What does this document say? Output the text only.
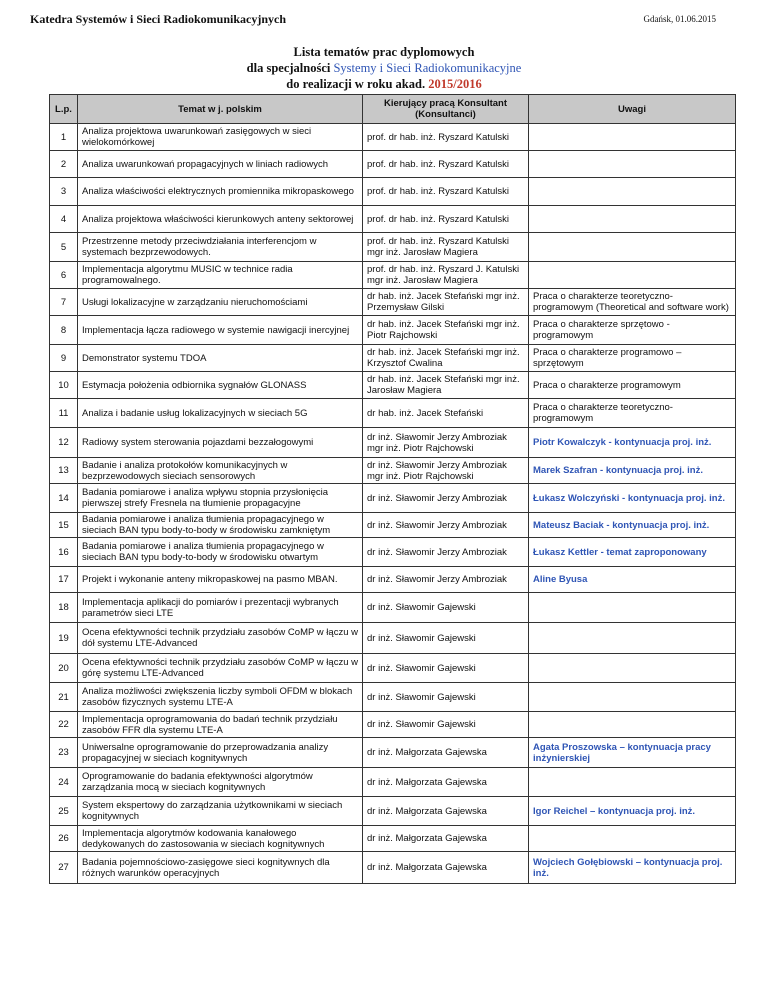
Katedra Systemów i Sieci Radiokomunikacyjnych	Gdańsk, 01.06.2015
Lista tematów prac dyplomowych
dla specjalności Systemy i Sieci Radiokomunikacyjne
do realizacji w roku akad. 2015/2016
L.p.	Temat w j. polskim	Kierujący pracą Konsultant (Konsultanci)	Uwagi
1	Analiza projektowa uwarunkowań zasięgowych w sieci wielokomórkowej	prof. dr hab. inż. Ryszard Katulski	
2	Analiza uwarunkowań propagacyjnych w liniach radiowych	prof. dr hab. inż. Ryszard Katulski	
3	Analiza właściwości elektrycznych promiennika mikropaskowego	prof. dr hab. inż. Ryszard Katulski	
4	Analiza projektowa właściwości kierunkowych anteny sektorowej	prof. dr hab. inż. Ryszard Katulski	
5	Przestrzenne metody przeciwdziałania interferencjom w systemach bezprzewodowych.	prof. dr hab. inż. Ryszard Katulski mgr inż. Jarosław Magiera	
6	Implementacja algorytmu MUSIC w technice radia programowalnego.	prof. dr hab. inż. Ryszard J. Katulski mgr inż. Jarosław Magiera	
7	Usługi lokalizacyjne w zarządzaniu nieruchomościami	dr hab. inż. Jacek Stefański mgr inż. Przemysław Gilski	Praca o charakterze teoretyczno-programowym (Theoretical and software work)
8	Implementacja łącza radiowego w systemie nawigacji inercyjnej	dr hab. inż. Jacek Stefański mgr inż. Piotr Rajchowski	Praca o charakterze sprzętowo - programowym
9	Demonstrator systemu TDOA	dr hab. inż. Jacek Stefański mgr inż. Krzysztof Cwalina	Praca o charakterze programowo – sprzętowym
10	Estymacja położenia odbiornika sygnałów GLONASS	dr hab. inż. Jacek Stefański mgr inż. Jarosław Magiera	Praca o charakterze programowym
11	Analiza i badanie usług lokalizacyjnych w sieciach 5G	dr hab. inż. Jacek Stefański	Praca o charakterze teoretyczno-programowym
12	Radiowy system sterowania pojazdami bezzałogowymi	dr inż. Sławomir Jerzy Ambroziak mgr inż. Piotr Rajchowski	Piotr Kowalczyk - kontynuacja proj. inż.
13	Badanie i analiza protokołów komunikacyjnych w bezprzewodowych sieciach sensorowych	dr inż. Sławomir Jerzy Ambroziak mgr inż. Piotr Rajchowski	Marek Szafran - kontynuacja proj. inż.
14	Badania pomiarowe i analiza wpływu stopnia przysłonięcia pierwszej strefy Fresnela na tłumienie propagacyjne	dr inż. Sławomir Jerzy Ambroziak	Łukasz Wolczyński - kontynuacja proj. inż.
15	Badania pomiarowe i analiza tłumienia propagacyjnego w sieciach BAN typu body-to-body w środowisku zamkniętym	dr inż. Sławomir Jerzy Ambroziak	Mateusz Baciak - kontynuacja proj. inż.
16	Badania pomiarowe i analiza tłumienia propagacyjnego w sieciach BAN typu body-to-body w środowisku otwartym	dr inż. Sławomir Jerzy Ambroziak	Łukasz Kettler - temat zaproponowany
17	Projekt i wykonanie anteny mikropaskowej na pasmo MBAN.	dr inż. Sławomir Jerzy Ambroziak	Aline Byusa
18	Implementacja aplikacji do pomiarów i prezentacji wybranych parametrów sieci LTE	dr inż. Sławomir Gajewski	
19	Ocena efektywności technik przydziału zasobów CoMP w łączu w dół systemu LTE-Advanced	dr inż. Sławomir Gajewski	
20	Ocena efektywności technik przydziału zasobów CoMP w łączu w górę systemu LTE-Advanced	dr inż. Sławomir Gajewski	
21	Analiza możliwości zwiększenia liczby symboli OFDM w blokach zasobów fizycznych systemu LTE-A	dr inż. Sławomir Gajewski	
22	Implementacja oprogramowania do badań technik przydziału zasobów FFR dla systemu LTE-A	dr inż. Sławomir Gajewski	
23	Uniwersalne oprogramowanie do przeprowadzania analizy propagacyjnej w sieciach kognitywnych	dr inż. Małgorzata Gajewska	Agata Proszowska – kontynuacja pracy inżynierskiej
24	Oprogramowanie do badania efektywności algorytmów zarządzania mocą w sieciach kognitywnych	dr inż. Małgorzata Gajewska	
25	System ekspertowy do zarządzania użytkownikami w sieciach kognitywnych	dr inż. Małgorzata Gajewska	Igor Reichel – kontynuacja proj. inż.
26	Implementacja algorytmów kodowania kanałowego dedykowanych do zastosowania w sieciach kognitywnych	dr inż. Małgorzata Gajewska	
27	Badania pojemnościowo-zasięgowe sieci kognitywnych dla różnych warunków operacyjnych	dr inż. Małgorzata Gajewska	Wojciech Gołębiowski – kontynuacja proj. inż.
